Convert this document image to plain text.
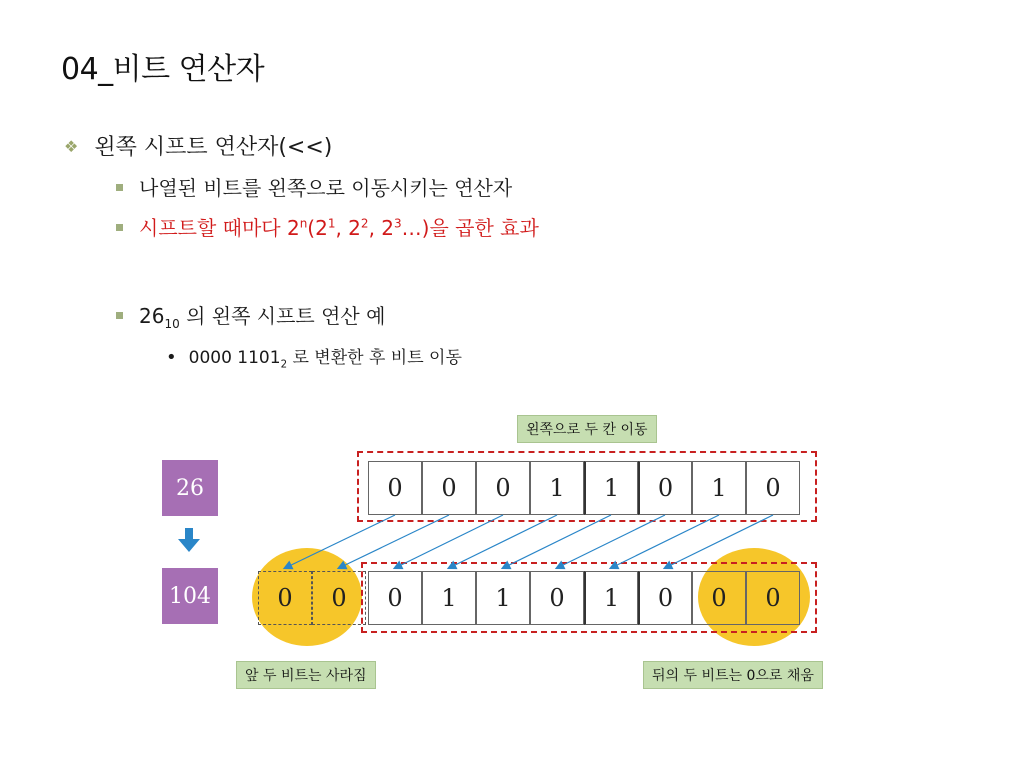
04_비트 연산자
❖ 왼쪽 시프트 연산자(<<)
나열된 비트를 왼쪽으로 이동시키는 연산자
시프트할 때마다 $2^n(2^1$, $2^2$, $2^3\dots$)을 곱한 효과
$26_{10}$ 의 왼쪽 시프트 연산 예
• 0000 $1101_2$ 로 변환한 후 비트 이동
왼쪽으로 두 칸 이동
26
104
0	0	0	1	1	0	1	0
0	0	0	1	1	0	1	0	0	0
앞 두 비트는 사라짐	뒤의 두 비트는 0으로 채움
